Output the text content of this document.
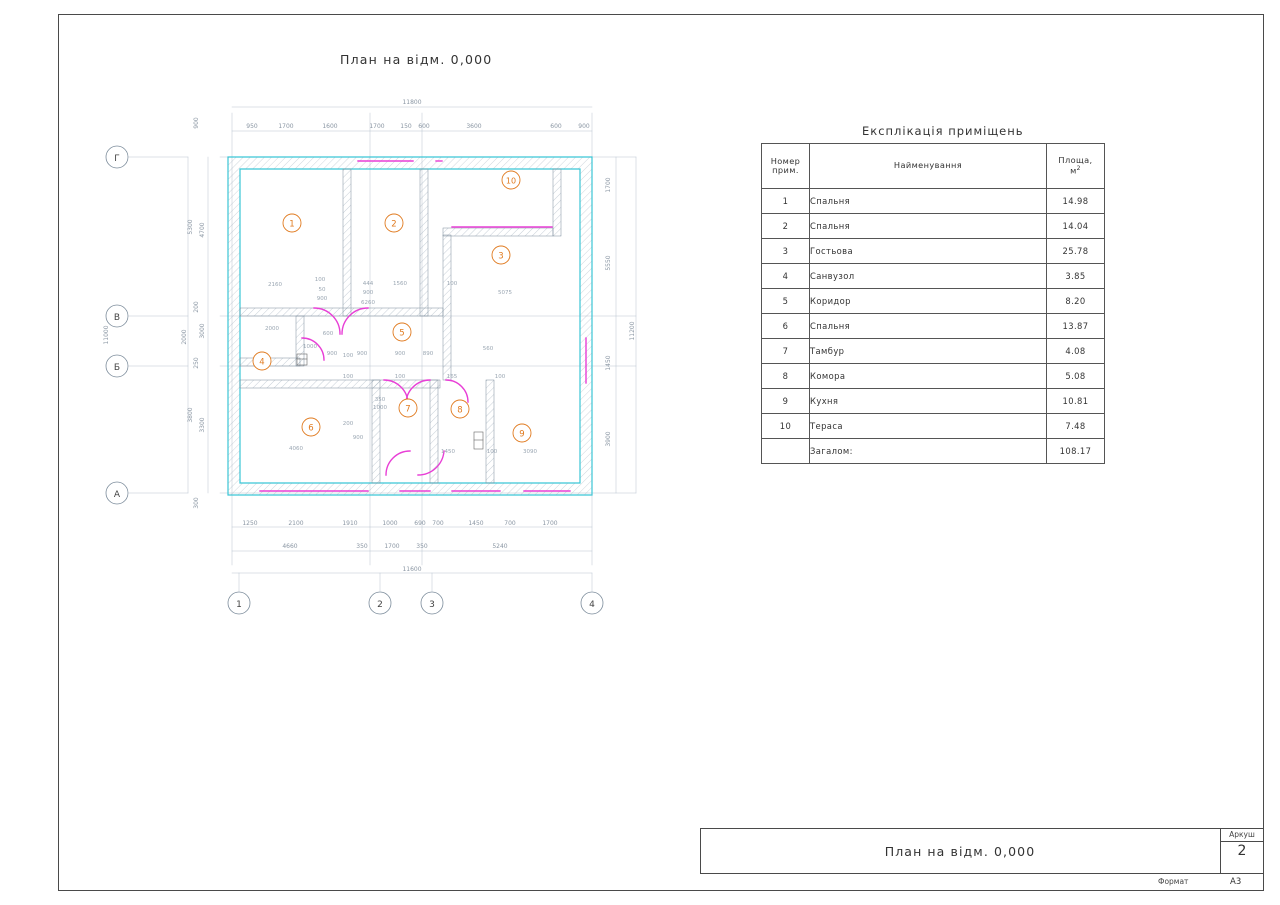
План на відм. 0,000
1	2	3	4
Г
В
Б
А
11800
950	1700	1600	1700	150 600	3600	600	900
1250	2100	1910	1000	690 700	1450	700	1700
4660	350	1700	350	5240
11600
11000
5300
3800
4700
3000
3300
900
200
250
300
2000
1700
5550
11200
1450
3900
2160
100
50
900
444
900
1560	100
5075
2000
600
1000
900	900	900	890
560
100	100	165	100
350
1000
200
900
4060	1450	100	3090
6260
100
1	2
3
4
5
6
7	8
9
10
Експлікація приміщень
Номер
прим.	Найменування	Площа,
$м^2$
1	Спальня	14.98
2	Спальня	14.04
3	Гостьова	25.78
4	Санвузол	3.85
5	Коридор	8.20
6	Спальня	13.87
7	Тамбур	4.08
8	Комора	5.08
9	Кухня	10.81
10	Тераса	7.48
	Загалом:	108.17
План на відм. 0,000
Аркуш
2
Формат	А3
